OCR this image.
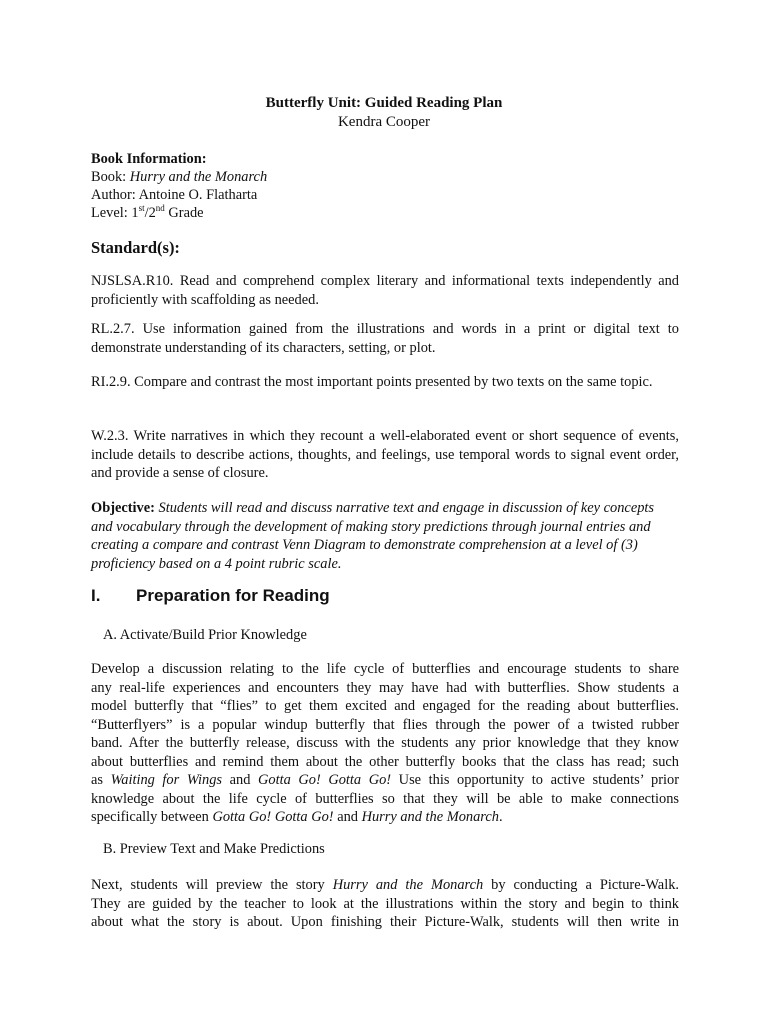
Butterfly Unit: Guided Reading Plan
Kendra Cooper
Book Information:
Book: Hurry and the Monarch
Author: Antoine O. Flatharta
Level: 1st/2nd Grade
Standard(s):
NJSLSA.R10. Read and comprehend complex literary and informational texts independently and proficiently with scaffolding as needed.
RL.2.7. Use information gained from the illustrations and words in a print or digital text to demonstrate understanding of its characters, setting, or plot.
RI.2.9. Compare and contrast the most important points presented by two texts on the same topic.
W.2.3. Write narratives in which they recount a well-elaborated event or short sequence of events, include details to describe actions, thoughts, and feelings, use temporal words to signal event order, and provide a sense of closure.
Objective: Students will read and discuss narrative text and engage in discussion of key concepts and vocabulary through the development of making story predictions through journal entries and creating a compare and contrast Venn Diagram to demonstrate comprehension at a level of (3) proficiency based on a 4 point rubric scale.
I. Preparation for Reading
A. Activate/Build Prior Knowledge
Develop a discussion relating to the life cycle of butterflies and encourage students to share
any real-life experiences and encounters they may have had with butterflies. Show students a
model butterfly that “flies” to get them excited and engaged for the reading about butterflies.
“Butterflyers” is a popular windup butterfly that flies through the power of a twisted rubber
band. After the butterfly release, discuss with the students any prior knowledge that they know
about butterflies and remind them about the other butterfly books that the class has read; such
as Waiting for Wings and Gotta Go! Gotta Go! Use this opportunity to active students’ prior
knowledge about the life cycle of butterflies so that they will be able to make connections
specifically between Gotta Go! Gotta Go! and Hurry and the Monarch.
B. Preview Text and Make Predictions
Next, students will preview the story Hurry and the Monarch by conducting a Picture-Walk.
They are guided by the teacher to look at the illustrations within the story and begin to think
about what the story is about. Upon finishing their Picture-Walk, students will then write in
